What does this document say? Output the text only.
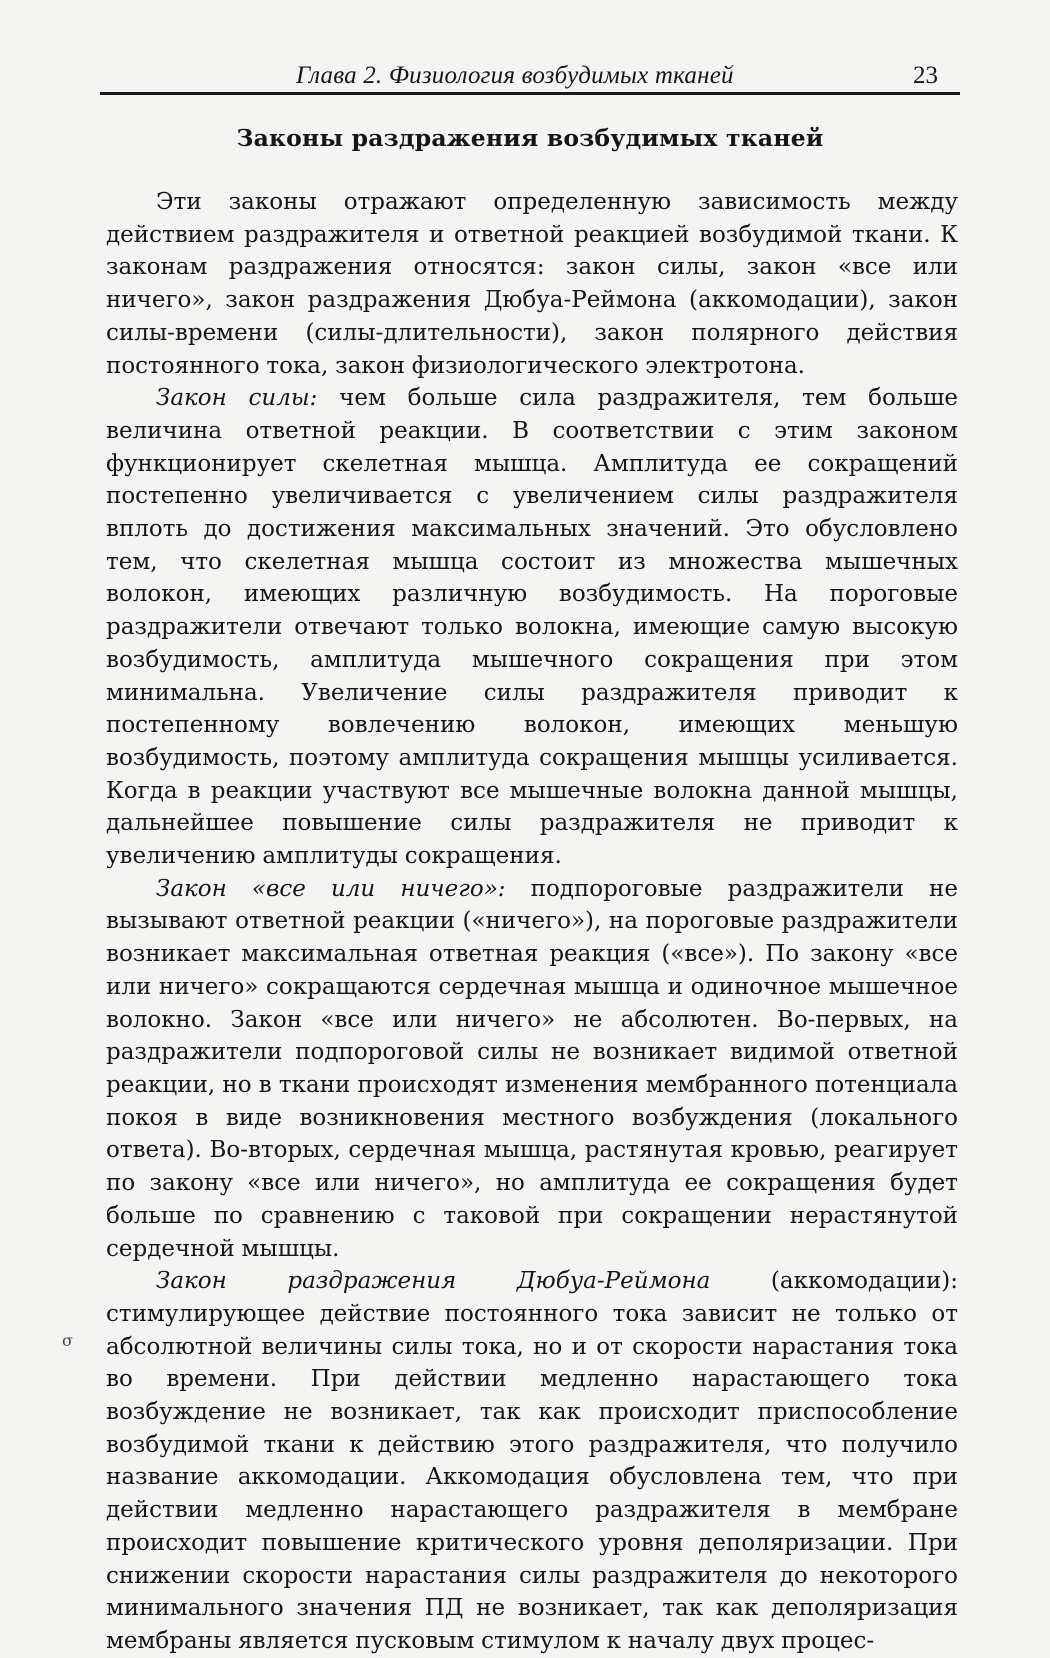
Глава 2. Физиология возбудимых тканей	23
Законы раздражения возбудимых тканей

Эти законы отражают определенную зависимость между действием раздражителя и ответной реакцией возбудимой ткани. К законам раздражения относятся: закон силы, закон «все или ничего», закон раздражения Дюбуа-Реймона (аккомодации), закон силы-времени (силы-длительности), закон полярного действия постоянного тока, закон физиологического электротона.

Закон силы: чем больше сила раздражителя, тем больше величина ответной реакции. В соответствии с этим законом функционирует скелетная мышца. Амплитуда ее сокращений постепенно увеличивается с увеличением силы раздражителя вплоть до достижения максимальных значений. Это обусловлено тем, что скелетная мышца состоит из множества мышечных волокон, имеющих различную возбудимость. На пороговые раздражители отвечают только волокна, имеющие самую высокую возбудимость, амплитуда мышечного сокращения при этом минимальна. Увеличение силы раздражителя приводит к постепенному вовлечению волокон, имеющих меньшую возбудимость, поэтому амплитуда сокращения мышцы усиливается. Когда в реакции участвуют все мышечные волокна данной мышцы, дальнейшее повышение силы раздражителя не приводит к увеличению амплитуды сокращения.

Закон «все или ничего»: подпороговые раздражители не вызывают ответной реакции («ничего»), на пороговые раздражители возникает максимальная ответная реакция («все»). По закону «все или ничего» сокращаются сердечная мышца и одиночное мышечное волокно. Закон «все или ничего» не абсолютен. Во-первых, на раздражители подпороговой силы не возникает видимой ответной реакции, но в ткани происходят изменения мембранного потенциала покоя в виде возникновения местного возбуждения (локального ответа). Во-вторых, сердечная мышца, растянутая кровью, реагирует по закону «все или ничего», но амплитуда ее сокращения будет больше по сравнению с таковой при сокращении нерастянутой сердечной мышцы.

Закон раздражения Дюбуа-Реймона (аккомодации): стимулирующее действие постоянного тока зависит не только от абсолютной величины силы тока, но и от скорости нарастания тока во времени. При действии медленно нарастающего тока возбуждение не возникает, так как происходит приспособление возбудимой ткани к действию этого раздражителя, что получило название аккомодации. Аккомодация обусловлена тем, что при действии медленно нарастающего раздражителя в мембране происходит повышение критического уровня деполяризации. При снижении скорости нарастания силы раздражителя до некоторого минимального значения ПД не возникает, так как деполяризация мембраны является пусковым стимулом к началу двух процес-

σ
